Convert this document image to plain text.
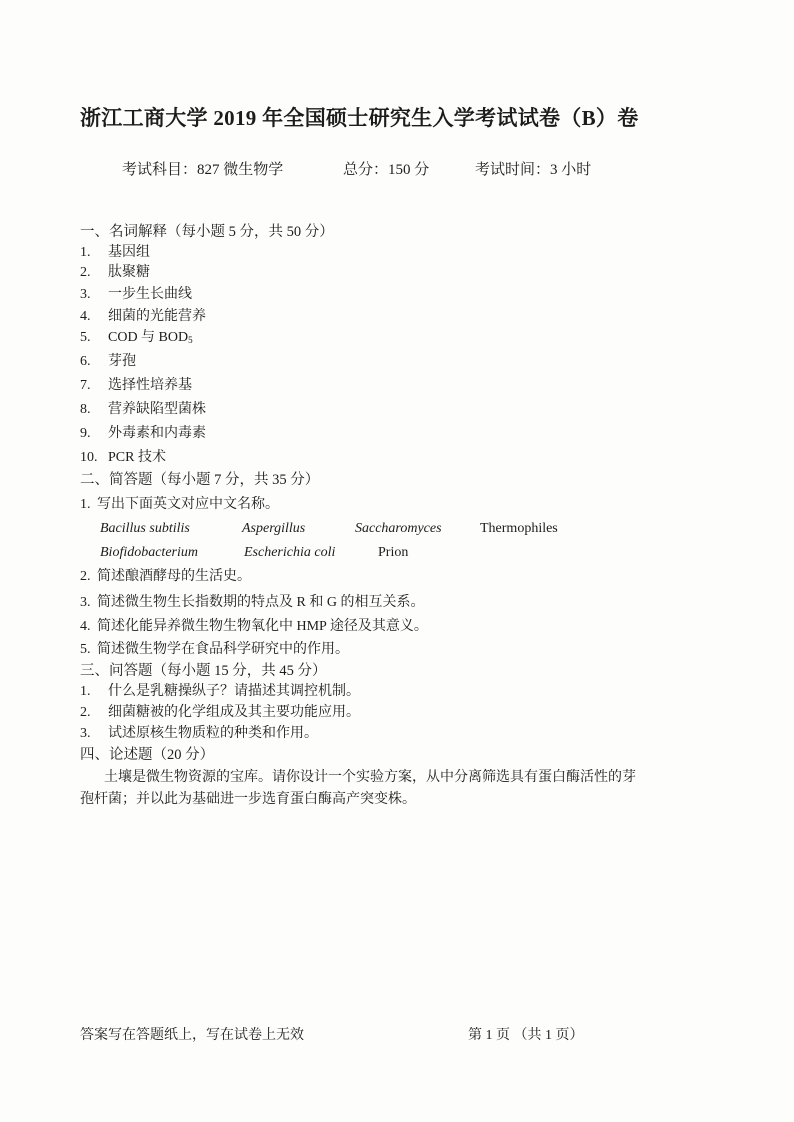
浙江工商大学 2019 年全国硕士研究生入学考试试卷（B）卷
考试科目：827 微生物学	总分：150 分	考试时间：3 小时
一、名词解释（每小题 5 分，共 50 分）
1. 基因组
2. 肽聚糖
3. 一步生长曲线
4. 细菌的光能营养
5. COD 与 $BOD_5$
6. 芽孢
7. 选择性培养基
8. 营养缺陷型菌株
9. 外毒素和内毒素
10. PCR 技术
二、简答题（每小题 7 分，共 35 分）
1. 写出下面英文对应中文名称。
Bacillus subtilis	Aspergillus	Saccharomyces	Thermophiles
Biofidobacterium	Escherichia coli	Prion
2. 简述酿酒酵母的生活史。
3. 简述微生物生长指数期的特点及 R 和 G 的相互关系。
4. 简述化能异养微生物生物氧化中 HMP 途径及其意义。
5. 简述微生物学在食品科学研究中的作用。
三、问答题（每小题 15 分，共 45 分）
1. 什么是乳糖操纵子？请描述其调控机制。
2. 细菌糖被的化学组成及其主要功能应用。
3. 试述原核生物质粒的种类和作用。
四、论述题（20 分）
土壤是微生物资源的宝库。请你设计一个实验方案，从中分离筛选具有蛋白酶活性的芽
孢杆菌；并以此为基础进一步选育蛋白酶高产突变株。
答案写在答题纸上，写在试卷上无效	第 1 页 （共 1 页）
